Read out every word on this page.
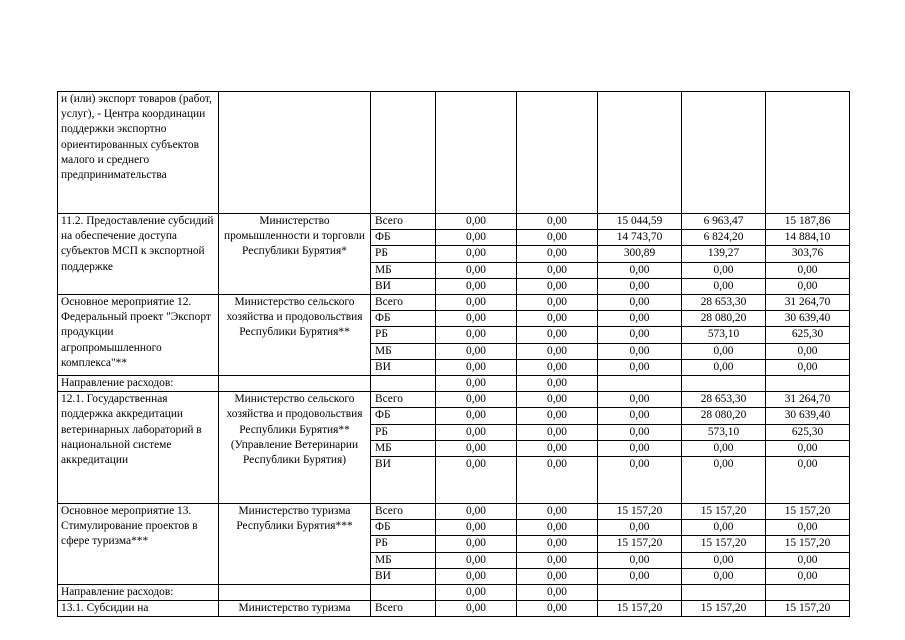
и (или) экспорт товаров (работ, услуг), - Центра координации поддержки экспортно ориентированных субъектов малого и среднего предпринимательства							
11.2. Предоставление субсидий на обеспечение доступа субъектов МСП к экспортной поддержке	Министерство промышленности и торговли Республики Бурятия*	Всего	0,00	0,00	15 044,59	6 963,47	15 187,86
		ФБ	0,00	0,00	14 743,70	6 824,20	14 884,10
		РБ	0,00	0,00	300,89	139,27	303,76
		МБ	0,00	0,00	0,00	0,00	0,00
		ВИ	0,00	0,00	0,00	0,00	0,00
Основное мероприятие 12. Федеральный проект "Экспорт продукции агропромышленного комплекса"**	Министерство сельского хозяйства и продовольствия Республики Бурятия**	Всего	0,00	0,00	0,00	28 653,30	31 264,70
		ФБ	0,00	0,00	0,00	28 080,20	30 639,40
		РБ	0,00	0,00	0,00	573,10	625,30
		МБ	0,00	0,00	0,00	0,00	0,00
		ВИ	0,00	0,00	0,00	0,00	0,00
Направление расходов:			0,00	0,00			
12.1. Государственная поддержка аккредитации ветеринарных лабораторий в национальной системе аккредитации	Министерство сельского хозяйства и продовольствия Республики Бурятия** (Управление Ветеринарии Республики Бурятия)	Всего	0,00	0,00	0,00	28 653,30	31 264,70
		ФБ	0,00	0,00	0,00	28 080,20	30 639,40
		РБ	0,00	0,00	0,00	573,10	625,30
		МБ	0,00	0,00	0,00	0,00	0,00
		ВИ	0,00	0,00	0,00	0,00	0,00
Основное мероприятие 13. Стимулирование проектов в сфере туризма***	Министерство туризма Республики Бурятия***	Всего	0,00	0,00	15 157,20	15 157,20	15 157,20
		ФБ	0,00	0,00	0,00	0,00	0,00
		РБ	0,00	0,00	15 157,20	15 157,20	15 157,20
		МБ	0,00	0,00	0,00	0,00	0,00
		ВИ	0,00	0,00	0,00	0,00	0,00
Направление расходов:			0,00	0,00			
13.1. Субсидии на	Министерство туризма	Всего	0,00	0,00	15 157,20	15 157,20	15 157,20
